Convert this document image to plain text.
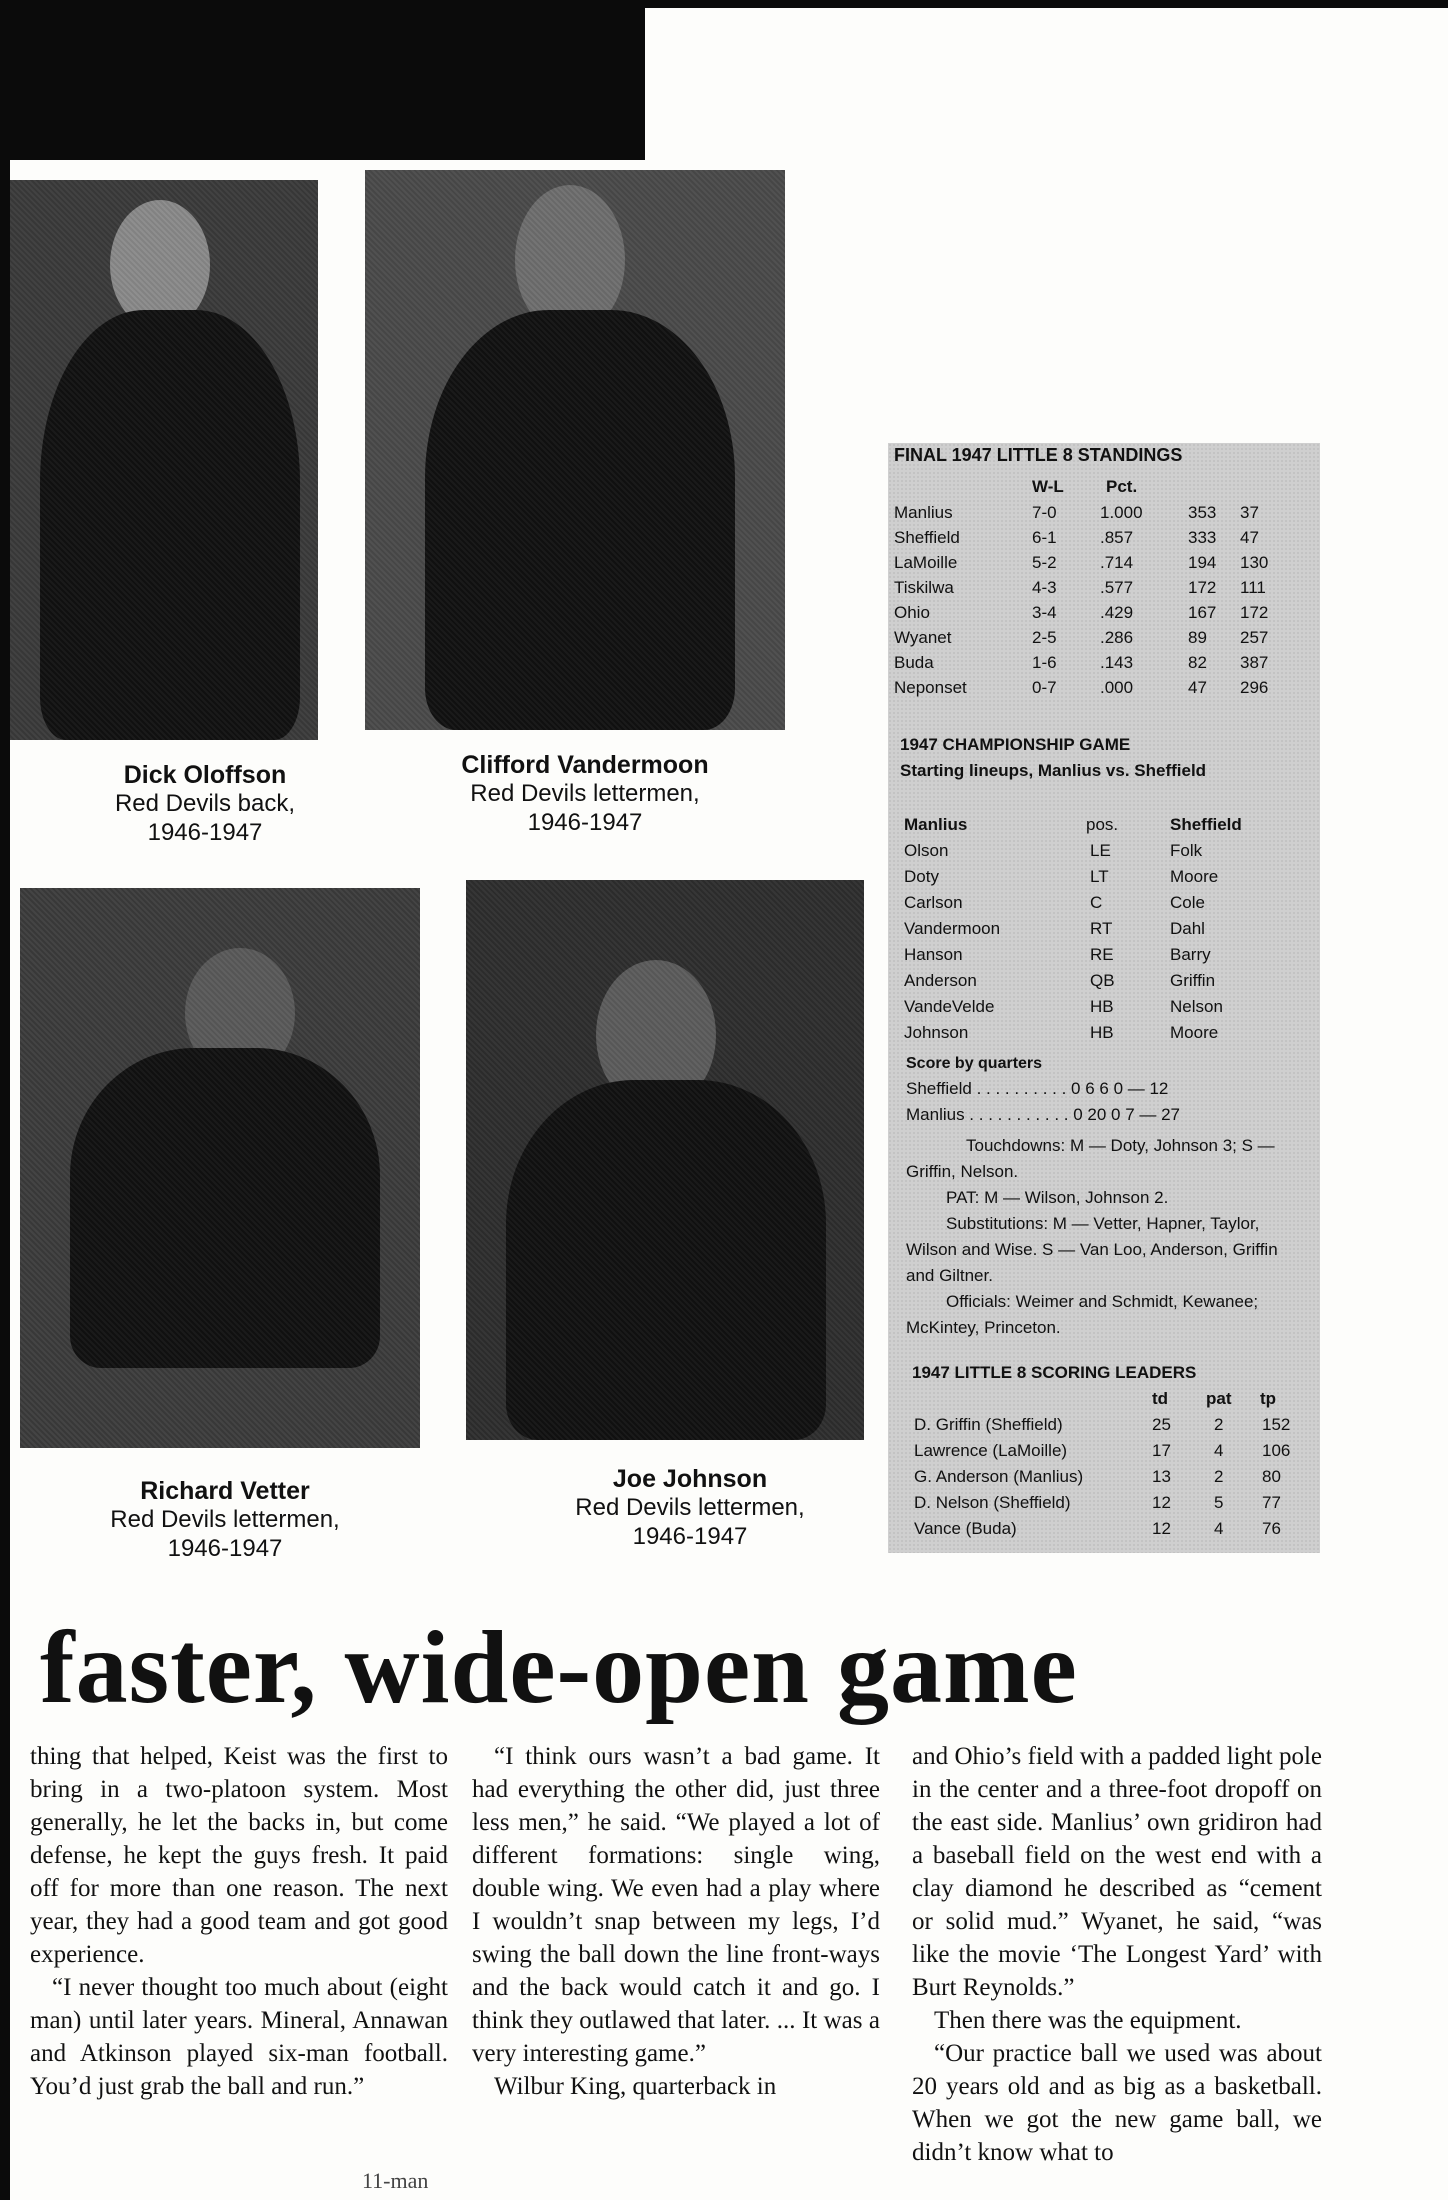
Dick Oloffson
Red Devils back,
1946-1947
Clifford Vandermoon
Red Devils lettermen,
1946-1947
Richard Vetter
Red Devils lettermen,
1946-1947
Joe Johnson
Red Devils lettermen,
1946-1947
FINAL 1947 LITTLE 8 STANDINGS
W-L Pct.
Manlius	7-0	1.000	353 37
Sheffield	6-1	.857	333 47
LaMoille	5-2	.714	194 130
Tiskilwa	4-3	.577	172 111
Ohio	3-4	.429	167 172
Wyanet	2-5	.286	89 257
Buda	1-6	.143	82 387
Neponset	0-7	.000	47 296
1947 CHAMPIONSHIP GAME
Starting lineups, Manlius vs. Sheffield
Manlius	pos.	Sheffield
Olson	LE	Folk
Doty	LT	Moore
Carlson	C	Cole
Vandermoon	RT	Dahl
Hanson	RE	Barry
Anderson	QB	Griffin
VandeVelde	HB	Nelson
Johnson	HB	Moore
Score by quarters
Sheffield . . . . . . . . . . 0 6 6 0 — 12
Manlius . . . . . . . . . . . 0 20 0 7 — 27
Touchdowns: M — Doty, Johnson 3; S — Griffin, Nelson.
PAT: M — Wilson, Johnson 2.
Substitutions: M — Vetter, Hapner, Taylor, Wilson and Wise. S — Van Loo, Anderson, Griffin and Giltner.
Officials: Weimer and Schmidt, Kewanee; McKintey, Princeton.
1947 LITTLE 8 SCORING LEADERS
td pat tp
D. Griffin (Sheffield)	25	2 152
Lawrence (LaMoille)	17	4 106
G. Anderson (Manlius)	13	2 80
D. Nelson (Sheffield)	12	5 77
Vance (Buda)	12	4 76
faster, wide-open game

thing that helped, Keist was the first to bring in a two-platoon system. Most generally, he let the backs in, but come defense, he kept the guys fresh. It paid off for more than one reason. The next year, they had a good team and got good experience.

“I never thought too much about (eight man) until later years. Mineral, Annawan and Atkinson played six-man football. You’d just grab the ball and run.”

“I think ours wasn’t a bad game. It had everything the other did, just three less men,” he said. “We played a lot of different formations: single wing, double wing. We even had a play where I wouldn’t snap between my legs, I’d swing the ball down the line front-ways and the back would catch it and go. I think they outlawed that later. ... It was a very interesting game.”

Wilbur King, quarterback in

and Ohio’s field with a padded light pole in the center and a three-foot dropoff on the east side. Manlius’ own gridiron had a baseball field on the west end with a clay diamond he described as “cement or solid mud.” Wyanet, he said, “was like the movie ‘The Longest Yard’ with Burt Reynolds.”

Then there was the equipment.

“Our practice ball we used was about 20 years old and as big as a basketball. When we got the new game ball, we didn’t know what to

11-man
